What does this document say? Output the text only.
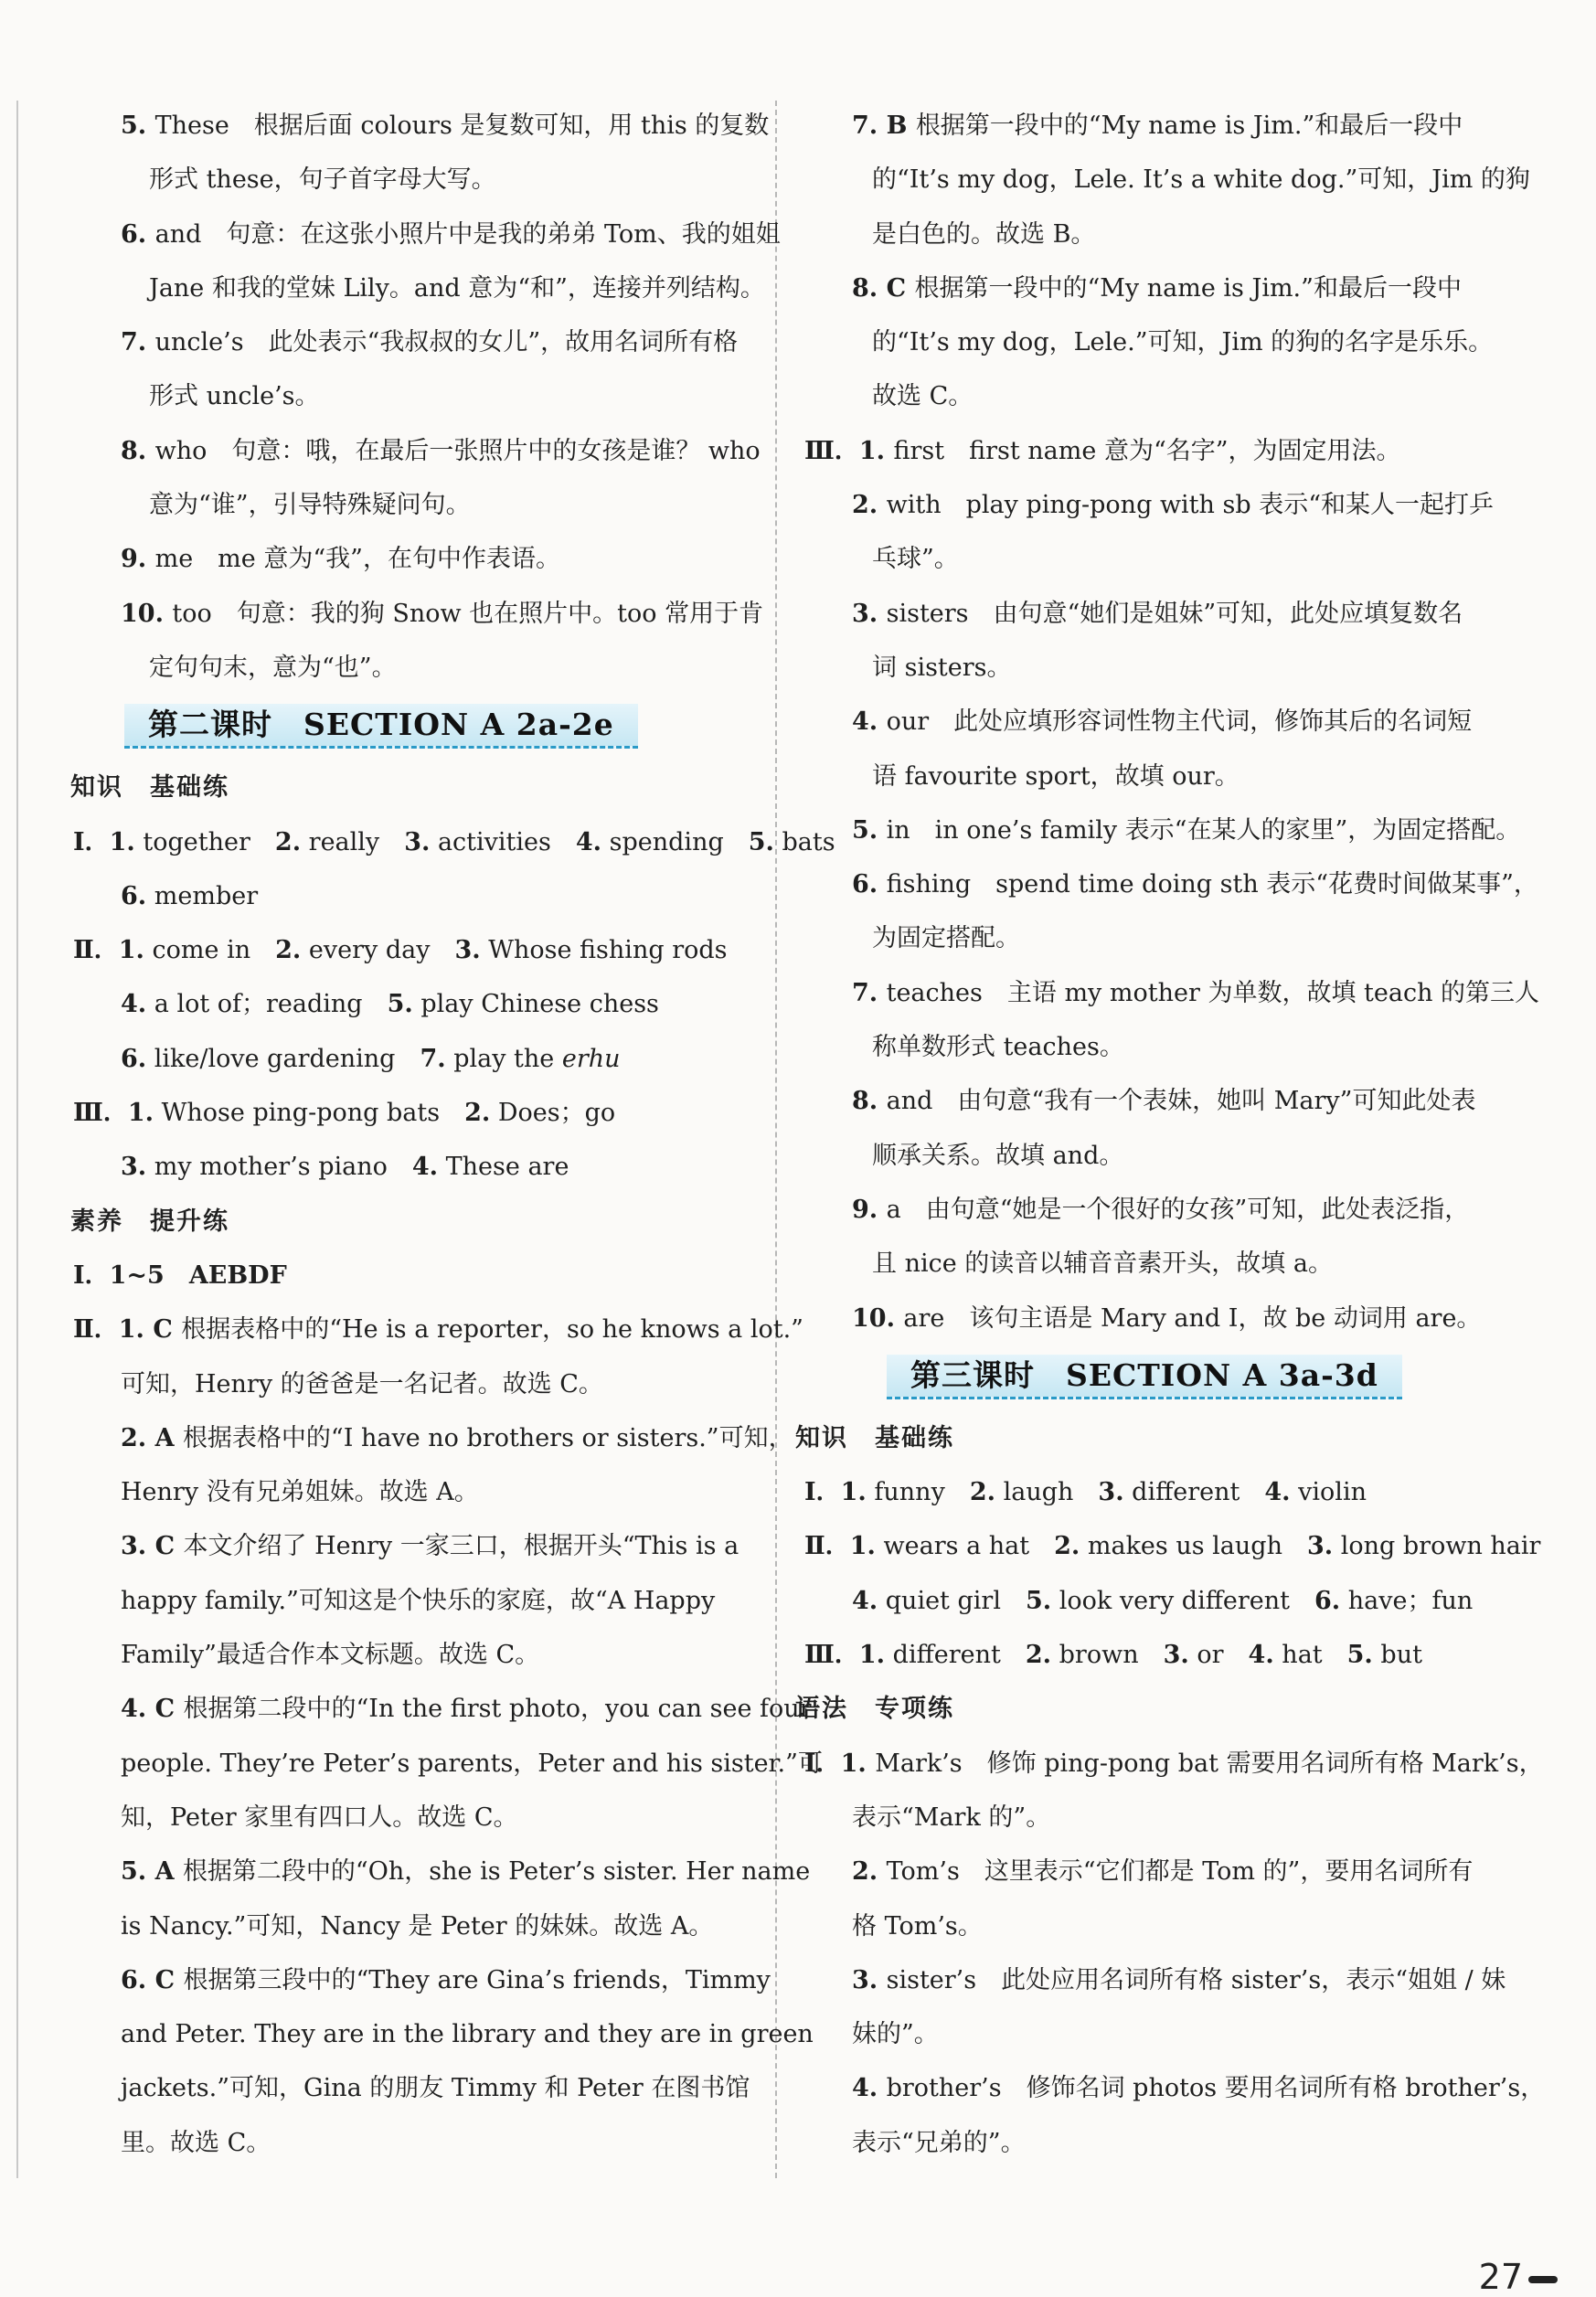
5. These　根据后面 colours 是复数可知，用 this 的复数
形式 these，句子首字母大写。
6. and　句意：在这张小照片中是我的弟弟 Tom、我的姐姐
Jane 和我的堂妹 Lily。and 意为“和”，连接并列结构。
7. uncle’s　此处表示“我叔叔的女儿”，故用名词所有格
形式 uncle’s。
8. who　句意：哦，在最后一张照片中的女孩是谁？ who
意为“谁”，引导特殊疑问句。
9. me　me 意为“我”，在句中作表语。
10. too　句意：我的狗 Snow 也在照片中。too 常用于肯
定句句末，意为“也”。
第二课时　SECTION A 2a-2e
知识　基础练
Ⅰ．1. together　2. really　3. activities　4. spending　5. bats
6. member
Ⅱ．1. come in　2. every day　3. Whose fishing rods
4. a lot of；reading　5. play Chinese chess
6. like/love gardening　7. play the erhu
Ⅲ．1. Whose ping-pong bats　2. Does；go
3. my mother’s piano　4. These are
素养　提升练
Ⅰ．1~5　AEBDF
Ⅱ．1. C 根据表格中的“He is a reporter，so he knows a lot.”
可知，Henry 的爸爸是一名记者。故选 C。
2. A 根据表格中的“I have no brothers or sisters.”可知，
Henry 没有兄弟姐妹。故选 A。
3. C 本文介绍了 Henry 一家三口，根据开头“This is a
happy family.”可知这是个快乐的家庭，故“A Happy
Family”最适合作本文标题。故选 C。
4. C 根据第二段中的“In the first photo，you can see four
people. They’re Peter’s parents，Peter and his sister.”可
知，Peter 家里有四口人。故选 C。
5. A 根据第二段中的“Oh，she is Peter’s sister. Her name
is Nancy.”可知，Nancy 是 Peter 的妹妹。故选 A。
6. C 根据第三段中的“They are Gina’s friends，Timmy
and Peter. They are in the library and they are in green
jackets.”可知，Gina 的朋友 Timmy 和 Peter 在图书馆
里。故选 C。
7. B 根据第一段中的“My name is Jim.”和最后一段中
的“It’s my dog，Lele. It’s a white dog.”可知，Jim 的狗
是白色的。故选 B。
8. C 根据第一段中的“My name is Jim.”和最后一段中
的“It’s my dog，Lele.”可知，Jim 的狗的名字是乐乐。
故选 C。
Ⅲ．1. first　first name 意为“名字”，为固定用法。
2. with　play ping-pong with sb 表示“和某人一起打乒
乓球”。
3. sisters　由句意“她们是姐妹”可知，此处应填复数名
词 sisters。
4. our　此处应填形容词性物主代词，修饰其后的名词短
语 favourite sport，故填 our。
5. in　in one’s family 表示“在某人的家里”，为固定搭配。
6. fishing　spend time doing sth 表示“花费时间做某事”，
为固定搭配。
7. teaches　主语 my mother 为单数，故填 teach 的第三人
称单数形式 teaches。
8. and　由句意“我有一个表妹，她叫 Mary”可知此处表
顺承关系。故填 and。
9. a　由句意“她是一个很好的女孩”可知，此处表泛指，
且 nice 的读音以辅音音素开头，故填 a。
10. are　该句主语是 Mary and I，故 be 动词用 are。
第三课时　SECTION A 3a-3d
知识　基础练
Ⅰ．1. funny　2. laugh　3. different　4. violin
Ⅱ．1. wears a hat　2. makes us laugh　3. long brown hair
4. quiet girl　5. look very different　6. have；fun
Ⅲ．1. different　2. brown　3. or　4. hat　5. but
语法　专项练
Ⅰ．1. Mark’s　修饰 ping-pong bat 需要用名词所有格 Mark’s，
表示“Mark 的”。
2. Tom’s　这里表示“它们都是 Tom 的”，要用名词所有
格 Tom’s。
3. sister’s　此处应用名词所有格 sister’s，表示“姐姐 / 妹
妹的”。
4. brother’s　修饰名词 photos 要用名词所有格 brother’s，
表示“兄弟的”。
27
